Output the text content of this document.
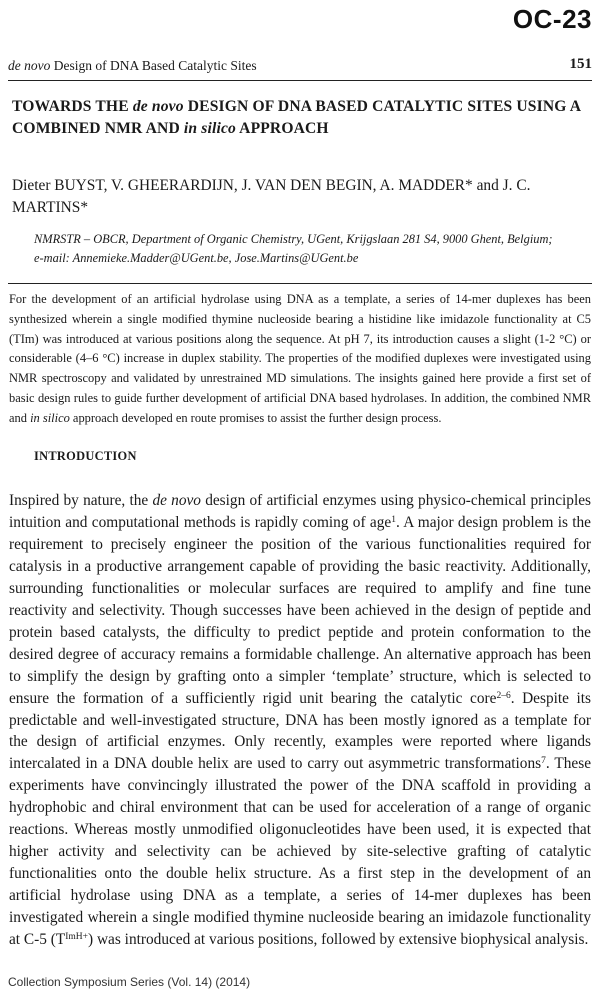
OC-23
de novo Design of DNA Based Catalytic Sites	151
TOWARDS THE de novo DESIGN OF DNA BASED CATALYTIC SITES USING A COMBINED NMR AND in silico APPROACH
Dieter BUYST, V. GHEERARDIJN, J. VAN DEN BEGIN, A. MADDER* and J. C. MARTINS*
NMRSTR – OBCR, Department of Organic Chemistry, UGent, Krijgslaan 281 S4, 9000 Ghent, Belgium;
e-mail: Annemieke.Madder@UGent.be, Jose.Martins@UGent.be
For the development of an artificial hydrolase using DNA as a template, a series of 14-mer duplexes has been synthesized wherein a single modified thymine nucleoside bearing a histidine like imidazole functionality at C5 (TIm) was introduced at various positions along the sequence. At pH 7, its introduction causes a slight (1-2 °C) or considerable (4–6 °C) increase in duplex stability. The properties of the modified duplexes were investigated using NMR spectroscopy and validated by unrestrained MD simulations. The insights gained here provide a first set of basic design rules to guide further development of artificial DNA based hydrolases. In addition, the combined NMR and in silico approach developed en route promises to assist the further design process.
INTRODUCTION

Inspired by nature, the de novo design of artificial enzymes using physico-chemical principles intuition and computational methods is rapidly coming of age$^1$. A major design problem is the requirement to precisely engineer the position of the various functionalities required for catalysis in a productive arrangement capable of providing the basic reactivity. Additionally, surrounding functionalities or molecular surfaces are required to amplify and fine tune reactivity and selectivity. Though successes have been achieved in the design of peptide and protein based catalysts, the difficulty to predict peptide and protein conformation to the desired degree of accuracy remains a formidable challenge. An alternative approach has been to simplify the design by grafting onto a simpler ‘template’ structure, which is selected to ensure the formation of a sufficiently rigid unit bearing the catalytic core$^{2-6}$. Despite its predictable and well-investigated structure, DNA has been mostly ignored as a template for the design of artificial enzymes. Only recently, examples were reported where ligands intercalated in a DNA double helix are used to carry out asymmetric transformations$^7$. These experiments have convincingly illustrated the power of the DNA scaffold in providing a hydrophobic and chiral environment that can be used for acceleration of a range of organic reactions. Whereas mostly unmodified oligonucleotides have been used, it is expected that higher activity and selectivity can be achieved by site-selective grafting of catalytic functionalities onto the double helix structure. As a first step in the development of an artificial hydrolase using DNA as a template, a series of 14-mer duplexes has been investigated wherein a single modified thymine nucleoside bearing an imidazole functionality at C-5 $(T^{ImH+})$ was introduced at various positions, followed by extensive biophysical analysis.

Collection Symposium Series (Vol. 14) (2014)
